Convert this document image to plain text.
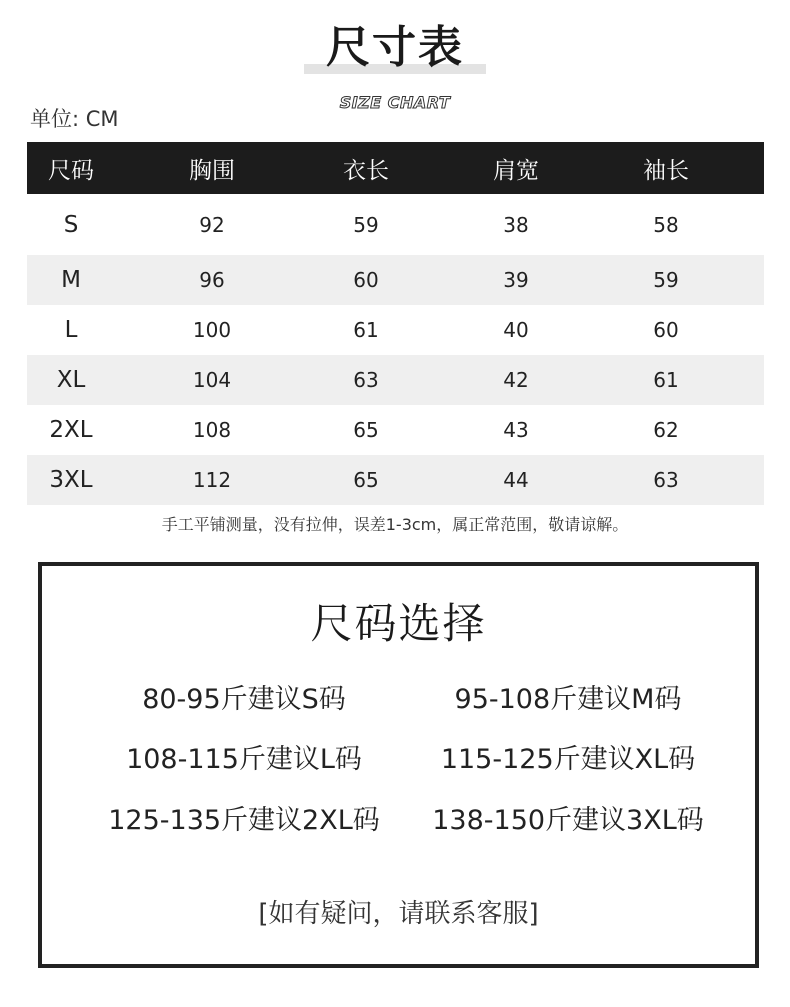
尺寸表
SIZE CHART
单位: CM
尺码	胸围	衣长	肩宽	袖长
S	92	59	38	58
M	96	60	39	59
L	100	61	40	60
XL	104	63	42	61
2XL	108	65	43	62
3XL	112	65	44	63
手工平铺测量，没有拉伸，误差1-3cm，属正常范围，敬请谅解。
尺码选择
80-95斤建议S码	95-108斤建议M码
108-115斤建议L码	115-125斤建议XL码
125-135斤建议2XL码	138-150斤建议3XL码
[如有疑问，请联系客服]
